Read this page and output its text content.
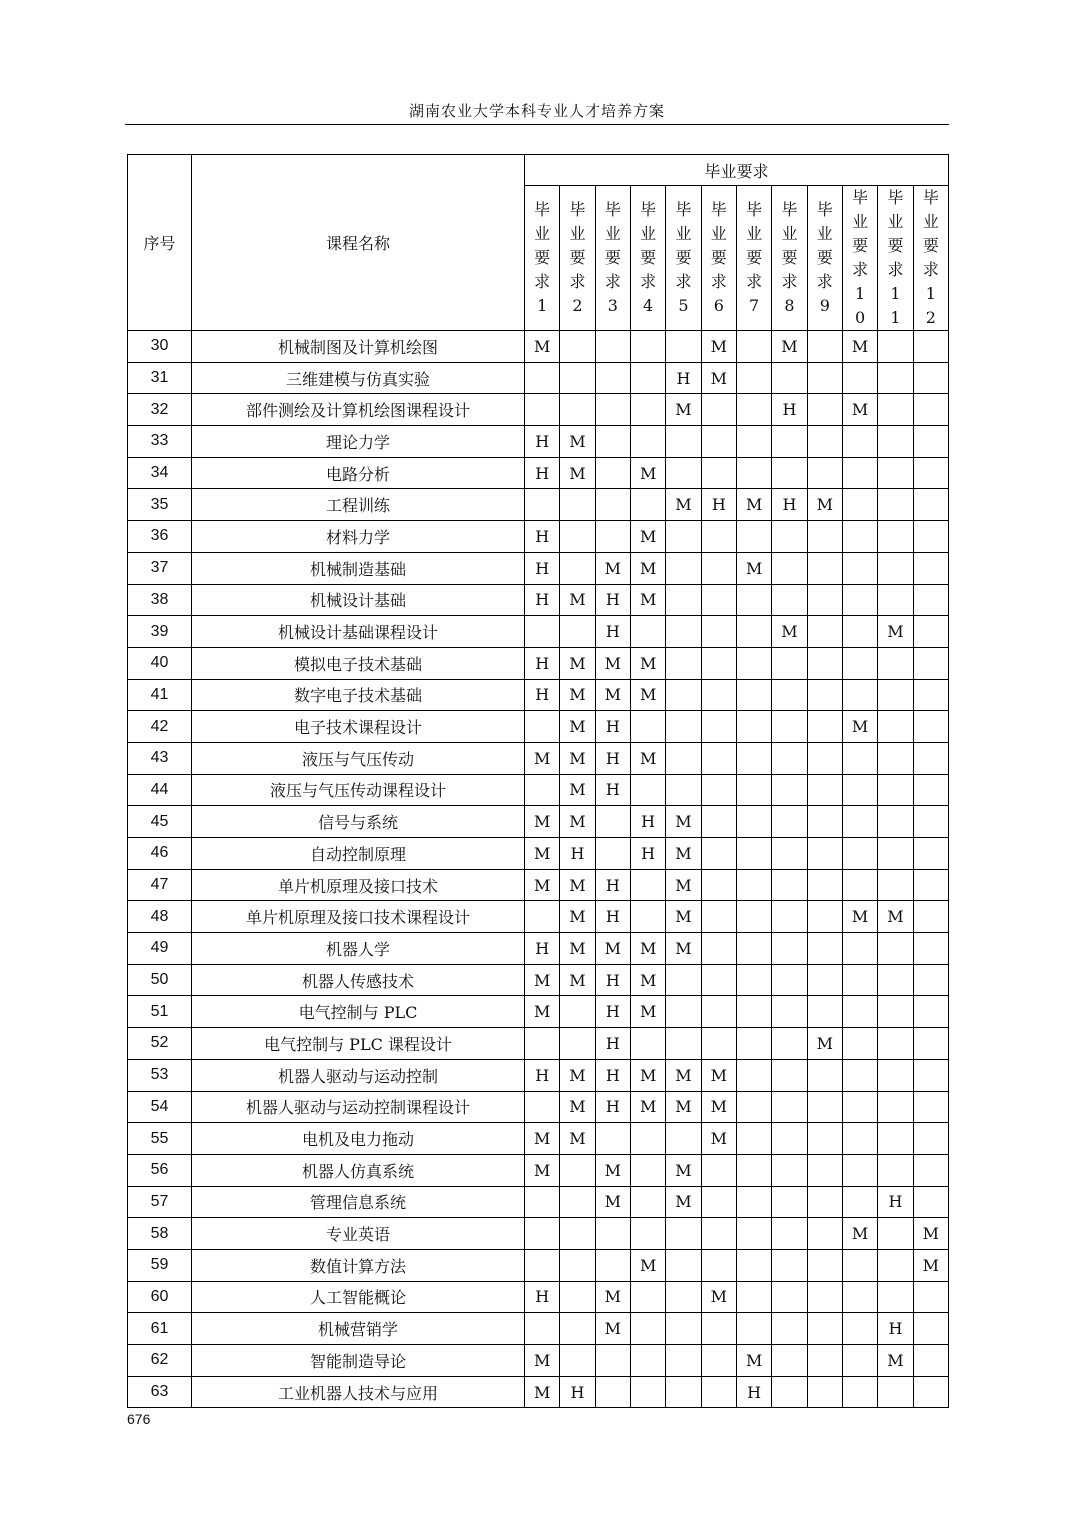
湖南农业大学本科专业人才培养方案
序号	课程名称	毕业要求											
		毕业要求1	毕业要求2	毕业要求3	毕业要求4	毕业要求5	毕业要求6	毕业要求7	毕业要求8	毕业要求9	毕业要求10	毕业要求11	毕业要求12
30	机械制图及计算机绘图	M					M		M		M		
31	三维建模与仿真实验					H	M						
32	部件测绘及计算机绘图课程设计					M			H		M		
33	理论力学	H	M										
34	电路分析	H	M		M								
35	工程训练					M	H	M	H	M			
36	材料力学	H			M								
37	机械制造基础	H		M	M			M					
38	机械设计基础	H	M	H	M								
39	机械设计基础课程设计			H					M			M	
40	模拟电子技术基础	H	M	M	M								
41	数字电子技术基础	H	M	M	M								
42	电子技术课程设计		M	H							M		
43	液压与气压传动	M	M	H	M								
44	液压与气压传动课程设计		M	H									
45	信号与系统	M	M		H	M							
46	自动控制原理	M	H		H	M							
47	单片机原理及接口技术	M	M	H		M							
48	单片机原理及接口技术课程设计		M	H		M					M	M	
49	机器人学	H	M	M	M	M							
50	机器人传感技术	M	M	H	M								
51	电气控制与 PLC	M		H	M								
52	电气控制与 PLC 课程设计			H						M			
53	机器人驱动与运动控制	H	M	H	M	M	M						
54	机器人驱动与运动控制课程设计		M	H	M	M	M						
55	电机及电力拖动	M	M				M						
56	机器人仿真系统	M		M		M							
57	管理信息系统			M		M						H	
58	专业英语										M		M
59	数值计算方法				M								M
60	人工智能概论	H		M			M						
61	机械营销学			M								H	
62	智能制造导论	M						M				M	
63	工业机器人技术与应用	M	H					H					
676
